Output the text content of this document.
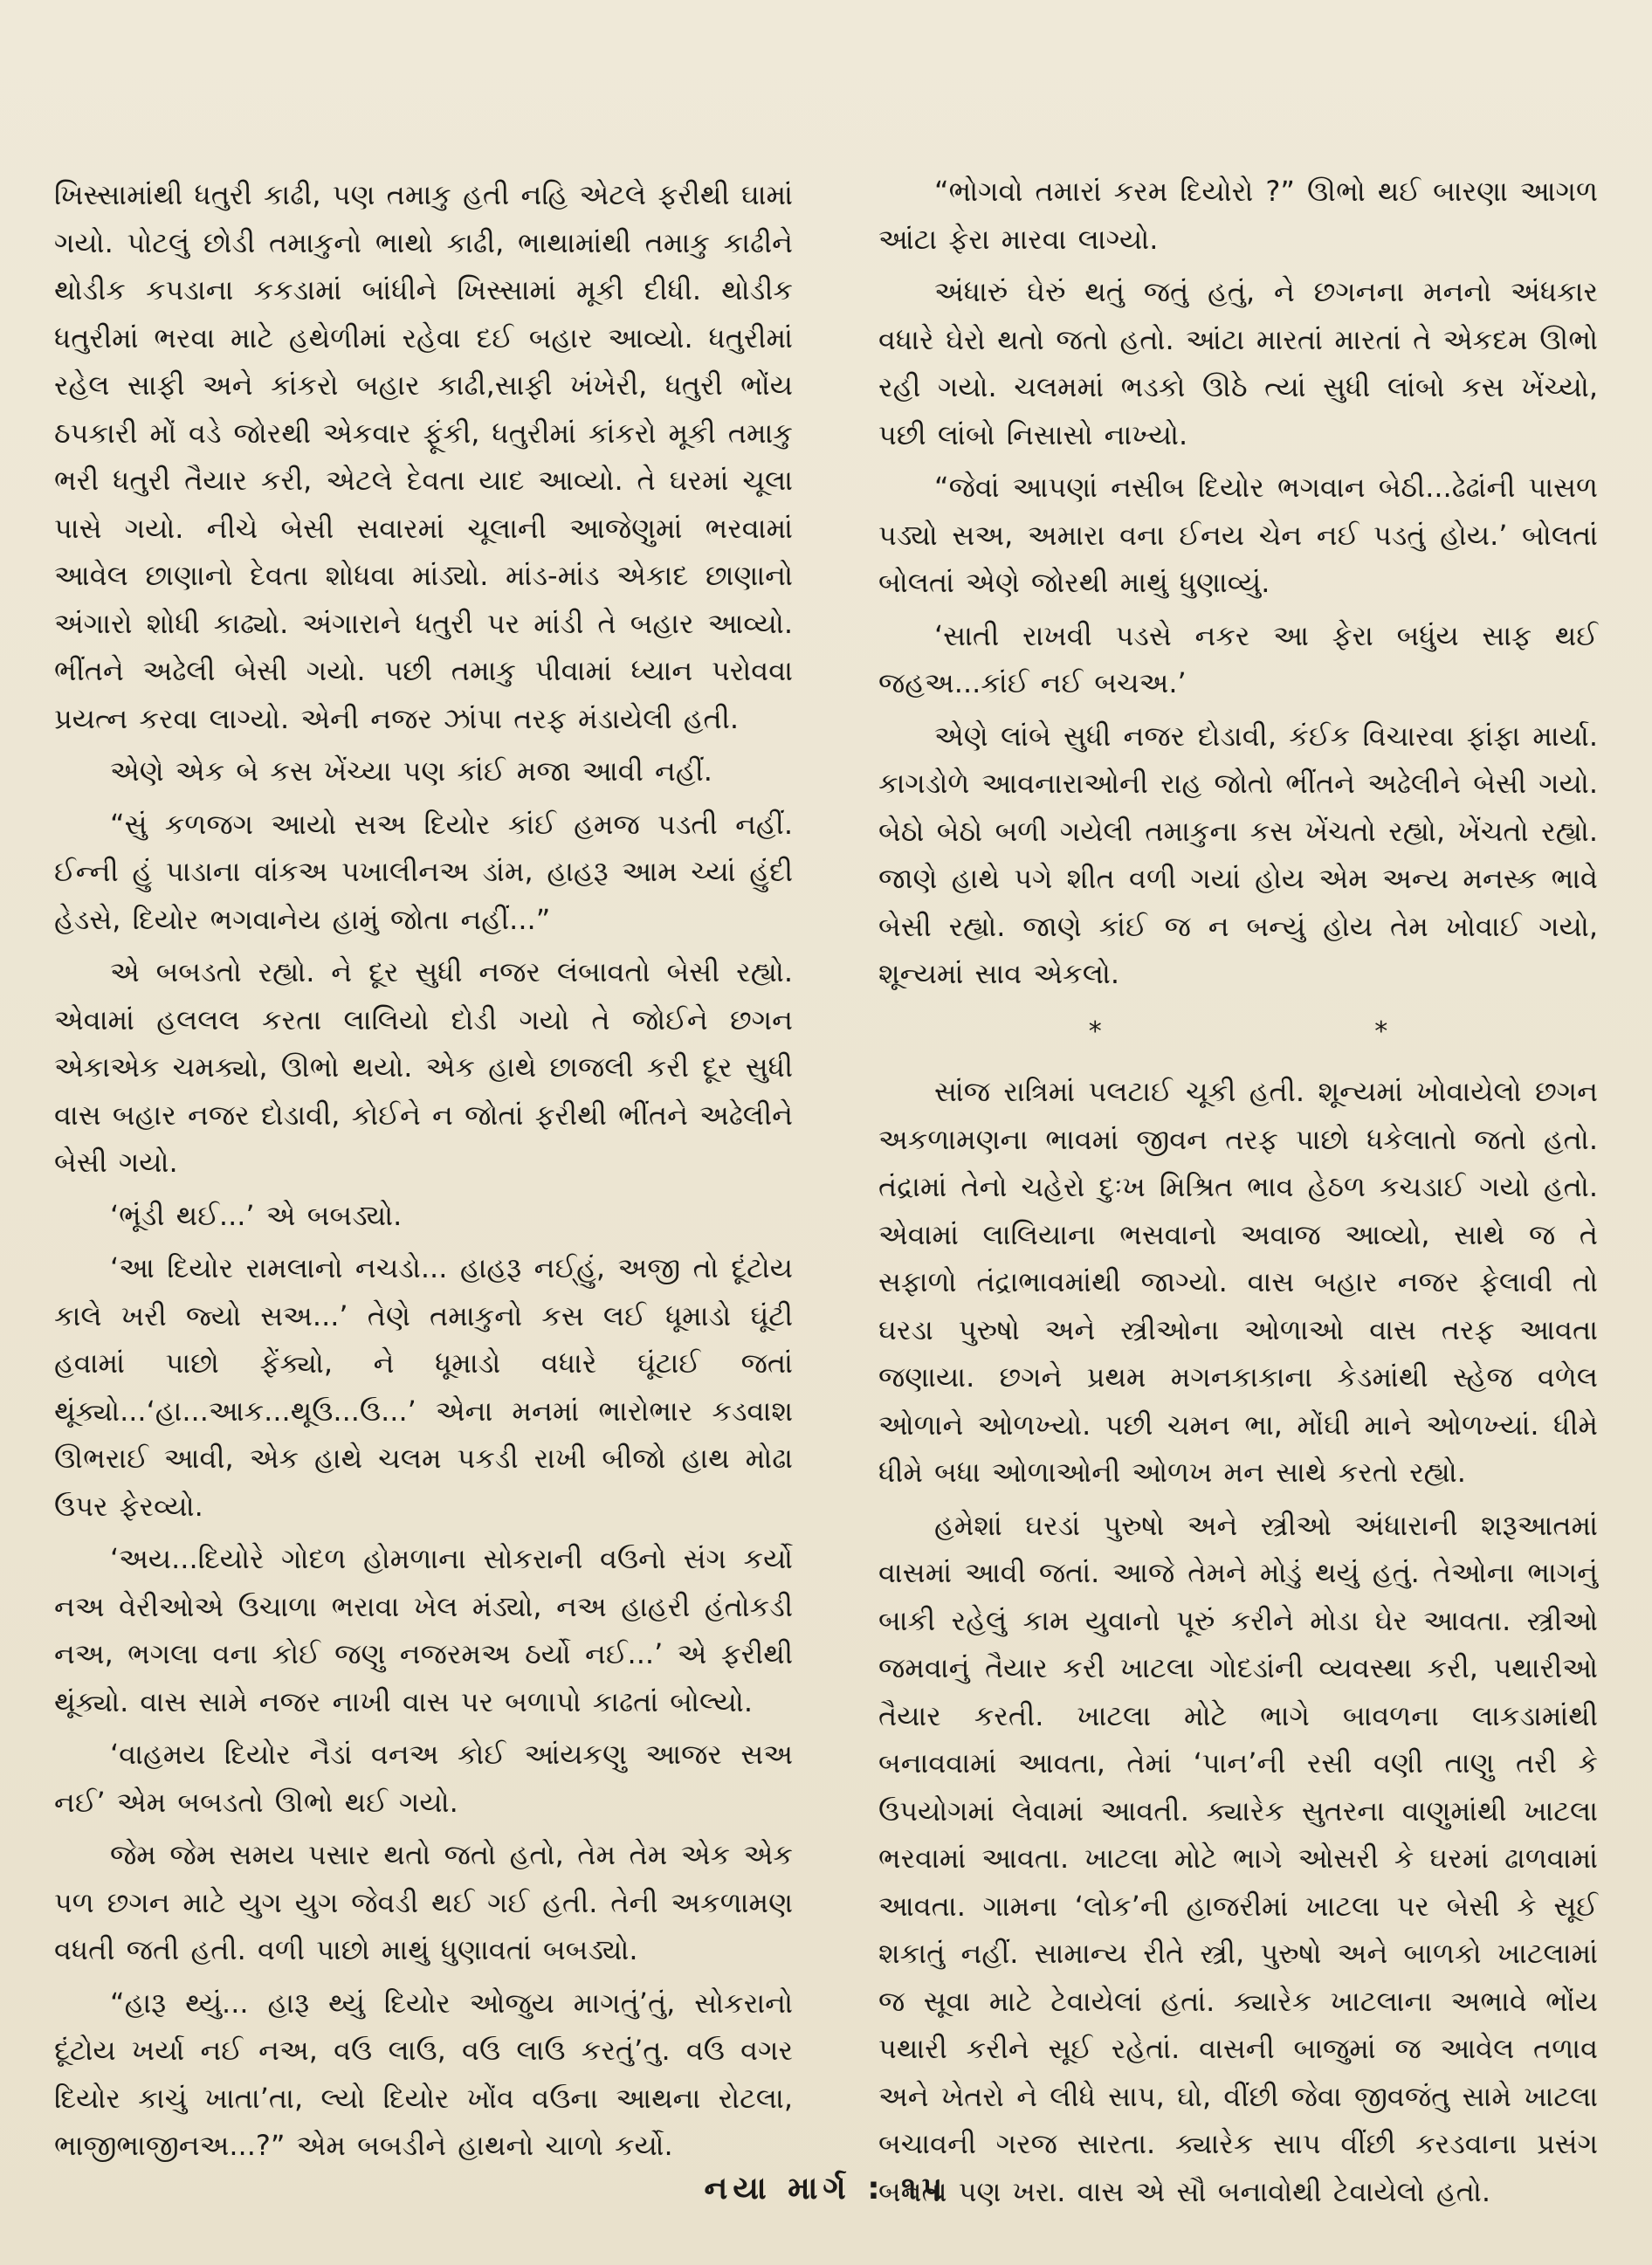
ખિસ્સામાંથી ધતુરી કાઢી, પણ તમાકુ હતી નહિ એટલે ફરીથી ઘામાં ગયો. પોટલું છોડી તમાકુનો ભાથો કાઢી, ભાથામાંથી તમાકુ કાઢીને થોડીક કપડાના કકડામાં બાંધીને ખિસ્સામાં મૂકી દીધી. થોડીક ધતુરીમાં ભરવા માટે હથેળીમાં રહેવા દઈ બહાર આવ્યો. ધતુરીમાં રહેલ સાફી અને કાંકરો બહાર કાઢી,સાફી ખંખેરી, ધતુરી ભોંય ઠપકારી મોં વડે જોરથી એકવાર ફૂંકી, ધતુરીમાં કાંકરો મૂકી તમાકુ ભરી ધતુરી તૈયાર કરી, એટલે દેવતા યાદ આવ્યો. તે ઘરમાં ચૂલા પાસે ગયો. નીચે બેસી સવારમાં ચૂલાની આજેણુમાં ભરવામાં આવેલ છાણાનો દેવતા શોધવા માંડ્યો. માંડ-માંડ એકાદ છાણાનો અંગારો શોધી કાઢ્યો. અંગારાને ધતુરી પર માંડી તે બહાર આવ્યો. ભીંતને અઢેલી બેસી ગયો. પછી તમાકુ પીવામાં ધ્યાન પરોવવા પ્રયત્ન કરવા લાગ્યો. એની નજર ઝાંપા તરફ મંડાયેલી હતી.

એણે એક બે કસ ખેંચ્યા પણ કાંઈ મજા આવી નહીં.

“સું કળજગ આયો સઅ દિયોર કાંઈ હમજ પડતી નહીં. ઈન્ની હું પાડાના વાંકઅ પખાલીનઅ ડાંમ, હાહરૂ આમ ચ્યાં હુંદી હેડસે, દિયોર ભગવાનેય હામું જોતા નહીં...”

એ બબડતો રહ્યો. ને દૂર સુધી નજર લંબાવતો બેસી રહ્યો. એવામાં હલલલ કરતા લાલિયો દોડી ગયો તે જોઈને છગન એકાએક ચમક્યો, ઊભો થયો. એક હાથે છાજલી કરી દૂર સુધી વાસ બહાર નજર દોડાવી, કોઈને ન જોતાં ફરીથી ભીંતને અઢેલીને બેસી ગયો.

‘ભૂંડી થઈ...’ એ બબડ્યો.

‘આ દિયોર રામલાનો નચડો... હાહરૂ નઈ્હું, અજી તો દૂંટોય કાલે ખરી જ્યો સઅ...’ તેણે તમાકુનો કસ લઈ ધૂમાડો ઘૂંટી હવામાં પાછો ફેંક્યો, ને ધૂમાડો વધારે ઘૂંટાઈ જતાં થૂંક્યો...‘હા...આક...થૂઉ...ઉ...’ એના મનમાં ભારોભાર કડવાશ ઊભરાઈ આવી, એક હાથે ચલમ પકડી રાખી બીજો હાથ મોઢા ઉપર ફેરવ્યો.

‘અય...દિયોરે ગોદળ હોમળાના સોકરાની વઉનો સંગ કર્યો નઅ વેરીઓએ ઉચાળા ભરાવા ખેલ મંડ્યો, નઅ હાહરી હંતોકડી નઅ, ભગલા વના કોઈ જણુ નજરમઅ ઠર્યો નઈ...’ એ ફરીથી થૂંક્યો. વાસ સામે નજર નાખી વાસ પર બળાપો કાઢતાં બોલ્યો.

‘વાહમય દિયોર નૈડાં વનઅ કોઈ આંયકણુ આજર સઅ નઈ’ એમ બબડતો ઊભો થઈ ગયો.

જેમ જેમ સમય પસાર થતો જતો હતો, તેમ તેમ એક એક પળ છગન માટે યુગ યુગ જેવડી થઈ ગઈ હતી. તેની અકળામણ વધતી જતી હતી. વળી પાછો માથું ધુણાવતાં બબડ્યો.

“હારૂ થ્યું... હારૂ થ્યું દિયોર ઓજુય માગતું’તું, સોકરાનો દૂંટોય ખર્યા નઈ નઅ, વઉ લાઉ, વઉ લાઉ કરતું’તુ. વઉ વગર દિયોર કાચું ખાતા’તા, લ્યો દિયોર ખોંવ વઉના આથના રોટલા, ભાજીભાજીનઅ...?” એમ બબડીને હાથનો ચાળો કર્યો.

“ભોગવો તમારાં કરમ દિયોરો ?” ઊભો થઈ બારણા આગળ આંટા ફેરા મારવા લાગ્યો.

અંધારું ઘેરું થતું જતું હતું, ને છગનના મનનો અંધકાર વધારે ઘેરો થતો જતો હતો. આંટા મારતાં મારતાં તે એકદમ ઊભો રહી ગયો. ચલમમાં ભડકો ઊઠે ત્યાં સુધી લાંબો કસ ખેંચ્યો, પછી લાંબો નિસાસો નાખ્યો.

“જેવાં આપણાં નસીબ દિયોર ભગવાન બેઠી...ઢેઢાંની પાસળ પડ્યો સઅ, અમારા વના ઈનય ચેન નઈ પડતું હોય.’ બોલતાં બોલતાં એણે જોરથી માથું ધુણાવ્યું.

‘સાતી રાખવી પડસે નકર આ ફેરા બધુંય સાફ થઈ જહઅ...કાંઈ નઈ બચઅ.’

એણે લાંબે સુધી નજર દોડાવી, કંઈક વિચારવા ફાંફા માર્યા. કાગડોળે આવનારાઓની રાહ જોતો ભીંતને અઢેલીને બેસી ગયો. બેઠો બેઠો બળી ગયેલી તમાકુના કસ ખેંચતો રહ્યો, ખેંચતો રહ્યો. જાણે હાથે પગે શીત વળી ગયાં હોય એમ અન્ય મનસ્ક ભાવે બેસી રહ્યો. જાણે કાંઈ જ ન બન્યું હોય તેમ ખોવાઈ ગયો, શૂન્યમાં સાવ એકલો.

* *

સાંજ રાત્રિમાં પલટાઈ ચૂકી હતી. શૂન્યમાં ખોવાયેલો છગન અકળામણના ભાવમાં જીવન તરફ પાછો ધકેલાતો જતો હતો. તંદ્રામાં તેનો ચહેરો દુઃખ મિશ્રિત ભાવ હેઠળ કચડાઈ ગયો હતો. એવામાં લાલિયાના ભસવાનો અવાજ આવ્યો, સાથે જ તે સફાળો તંદ્રાભાવમાંથી જાગ્યો. વાસ બહાર નજર ફેલાવી તો ઘરડા પુરુષો અને સ્ત્રીઓના ઓળાઓ વાસ તરફ આવતા જણાયા. છગને પ્રથમ મગનકાકાના કેડમાંથી સ્હેજ વળેલ ઓળાને ઓળખ્યો. પછી ચમન ભા, મોંઘી માને ઓળખ્યાં. ધીમે ધીમે બધા ઓળાઓની ઓળખ મન સાથે કરતો રહ્યો.

હમેશાં ઘરડાં પુરુષો અને સ્ત્રીઓ અંધારાની શરૂઆતમાં વાસમાં આવી જતાં. આજે તેમને મોડું થયું હતું. તેઓના ભાગનું બાકી રહેલું કામ યુવાનો પૂરું કરીને મોડા ઘેર આવતા. સ્ત્રીઓ જમવાનું તૈયાર કરી ખાટલા ગોદડાંની વ્યવસ્થા કરી, પથારીઓ તૈયાર કરતી. ખાટલા મોટે ભાગે બાવળના લાકડામાંથી બનાવવામાં આવતા, તેમાં ‘પાન’ની રસી વણી તાણુ તરી કે ઉપયોગમાં લેવામાં આવતી. ક્યારેક સુતરના વાણુમાંથી ખાટલા ભરવામાં આવતા. ખાટલા મોટે ભાગે ઓસરી કે ઘરમાં ઢાળવામાં આવતા. ગામના ‘લોક’ની હાજરીમાં ખાટલા પર બેસી કે સૂઈ શકાતું નહીં. સામાન્ય રીતે સ્ત્રી, પુરુષો અને બાળકો ખાટલામાં જ સૂવા માટે ટેવાયેલાં હતાં. ક્યારેક ખાટલાના અભાવે ભોંય પથારી કરીને સૂઈ રહેતાં. વાસની બાજુમાં જ આવેલ તળાવ અને ખેતરો ને લીધે સાપ, ઘો, વીંછી જેવા જીવજંતુ સામે ખાટલા બચાવની ગરજ સારતા. ક્યારેક સાપ વીંછી કરડવાના પ્રસંગ બનતા પણ ખરા. વાસ એ સૌ બનાવોથી ટેવાયેલો હતો.

નયા માર્ગ : ૧૫
